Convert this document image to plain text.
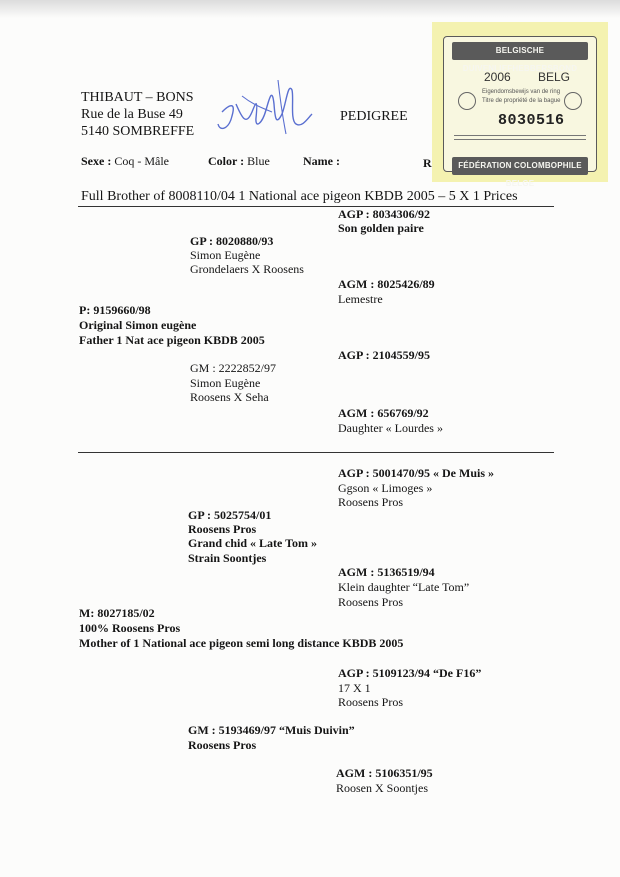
THIBAUT – BONS
Rue de la Buse 49
5140 SOMBREFFE
PEDIGREE
Sexe : Coq - Mâle	Color : Blue	Name :	R
BELGISCHE DUIVENLIEFHEBBERSBOND
2006 BELG
Eigendomsbewijs van de ring
Titre de propriété de la bague
8030516
FÉDÉRATION COLOMBOPHILE BELGE
Full Brother of 8008110/04 1 National ace pigeon KBDB 2005 – 5 X 1 Prices
AGP : 8034306/92
Son golden paire
GP : 8020880/93
Simon Eugène
Grondelaers X Roosens
AGM : 8025426/89
Lemestre
P: 9159660/98
Original Simon eugène
Father 1 Nat ace pigeon KBDB 2005
AGP : 2104559/95
GM : 2222852/97
Simon Eugène
Roosens X Seha
AGM : 656769/92
Daughter « Lourdes »
AGP : 5001470/95 « De Muis »
Ggson « Limoges »
Roosens Pros
GP : 5025754/01
Roosens Pros
Grand chid « Late Tom »
Strain Soontjes
AGM : 5136519/94
Klein daughter “Late Tom”
Roosens Pros
M: 8027185/02
100% Roosens Pros
Mother of 1 National ace pigeon semi long distance KBDB 2005
AGP : 5109123/94 “De F16”
17 X 1
Roosens Pros
GM : 5193469/97 “Muis Duivin”
Roosens Pros
AGM : 5106351/95
Roosen X Soontjes
